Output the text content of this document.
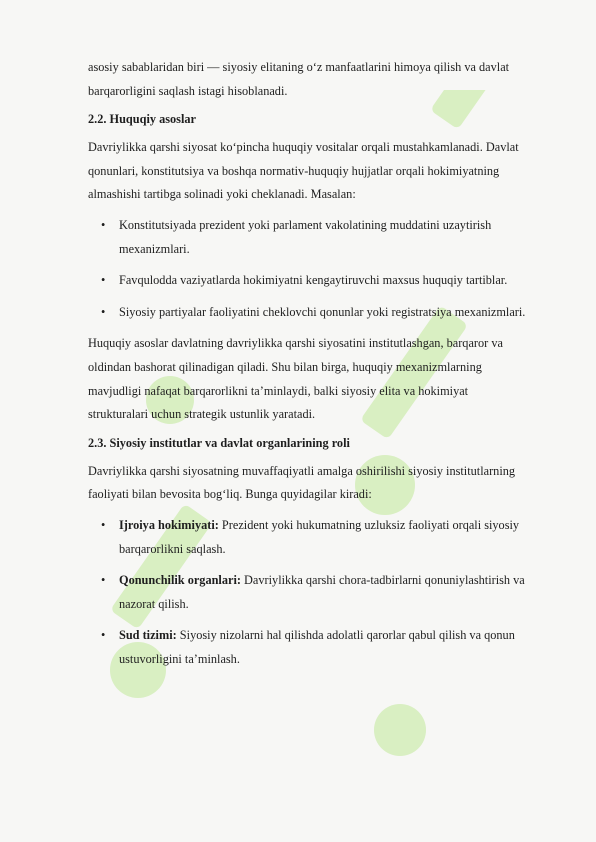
asosiy sabablaridan biri — siyosiy elitaning o‘z manfaatlarini himoya qilish va davlat barqarorligini saqlash istagi hisoblanadi.

2.2. Huquqiy asoslar

Davriylikka qarshi siyosat ko‘pincha huquqiy vositalar orqali mustahkamlanadi. Davlat qonunlari, konstitutsiya va boshqa normativ-huquqiy hujjatlar orqali hokimiyatning almashishi tartibga solinadi yoki cheklanadi. Masalan:

• Konstitutsiyada prezident yoki parlament vakolatining muddatini uzaytirish mexanizmlari.
• Favqulodda vaziyatlarda hokimiyatni kengaytiruvchi maxsus huquqiy tartiblar.
• Siyosiy partiyalar faoliyatini cheklovchi qonunlar yoki registratsiya mexanizmlari.

Huquqiy asoslar davlatning davriylikka qarshi siyosatini institutlashgan, barqaror va oldindan bashorat qilinadigan qiladi. Shu bilan birga, huquqiy mexanizmlarning mavjudligi nafaqat barqarorlikni ta’minlaydi, balki siyosiy elita va hokimiyat strukturalari uchun strategik ustunlik yaratadi.

2.3. Siyosiy institutlar va davlat organlarining roli

Davriylikka qarshi siyosatning muvaffaqiyatli amalga oshirilishi siyosiy institutlarning faoliyati bilan bevosita bog‘liq. Bunga quyidagilar kiradi:

• Ijroiya hokimiyati: Prezident yoki hukumatning uzluksiz faoliyati orqali siyosiy barqarorlikni saqlash.
• Qonunchilik organlari: Davriylikka qarshi chora-tadbirlarni qonuniylashtirish va nazorat qilish.
• Sud tizimi: Siyosiy nizolarni hal qilishda adolatli qarorlar qabul qilish va qonun ustuvorligini ta’minlash.
